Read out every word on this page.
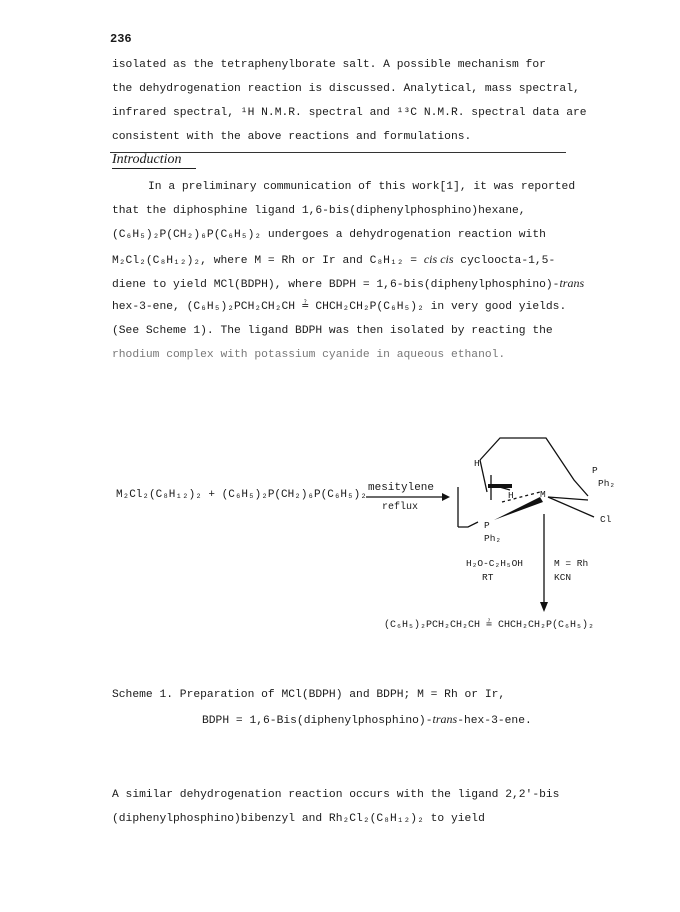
236
isolated as the tetraphenylborate salt. A possible mechanism for
the dehydrogenation reaction is discussed. Analytical, mass spectral,
infrared spectral, ¹H N.M.R. spectral and ¹³C N.M.R. spectral data are
consistent with the above reactions and formulations.
Introduction
In a preliminary communication of this work[1], it was reported
that the diphosphine ligand 1,6-bis(diphenylphosphino)hexane,
(C₆H₅)₂P(CH₂)₆P(C₆H₅)₂ undergoes a dehydrogenation reaction with
M₂Cl₂(C₈H₁₂)₂, where M = Rh or Ir and C₈H₁₂ = cis cis cycloocta-1,5-
diene to yield MCl(BDPH), where BDPH = 1,6-bis(diphenylphosphino)-trans
hex-3-ene, (C₆H₅)₂PCH₂CH₂CH ≟ CHCH₂CH₂P(C₆H₅)₂ in very good yields.
(See Scheme 1). The ligand BDPH was then isolated by reacting the
rhodium complex with potassium cyanide in aqueous ethanol.
M₂Cl₂(C₈H₁₂)₂ + (C₆H₅)₂P(CH₂)₆P(C₆H₅)₂
mesitylene
reflux
H
H	M
P
Ph₂
Cl
P
Ph₂
H₂O-C₂H₅OH
RT
M = Rh
KCN
(C₆H₅)₂PCH₂CH₂CH ≟ CHCH₂CH₂P(C₆H₅)₂
Scheme 1. Preparation of MCl(BDPH) and BDPH; M = Rh or Ir,
BDPH = 1,6-Bis(diphenylphosphino)-trans-hex-3-ene.
A similar dehydrogenation reaction occurs with the ligand 2,2'-bis
(diphenylphosphino)bibenzyl and Rh₂Cl₂(C₈H₁₂)₂ to yield
